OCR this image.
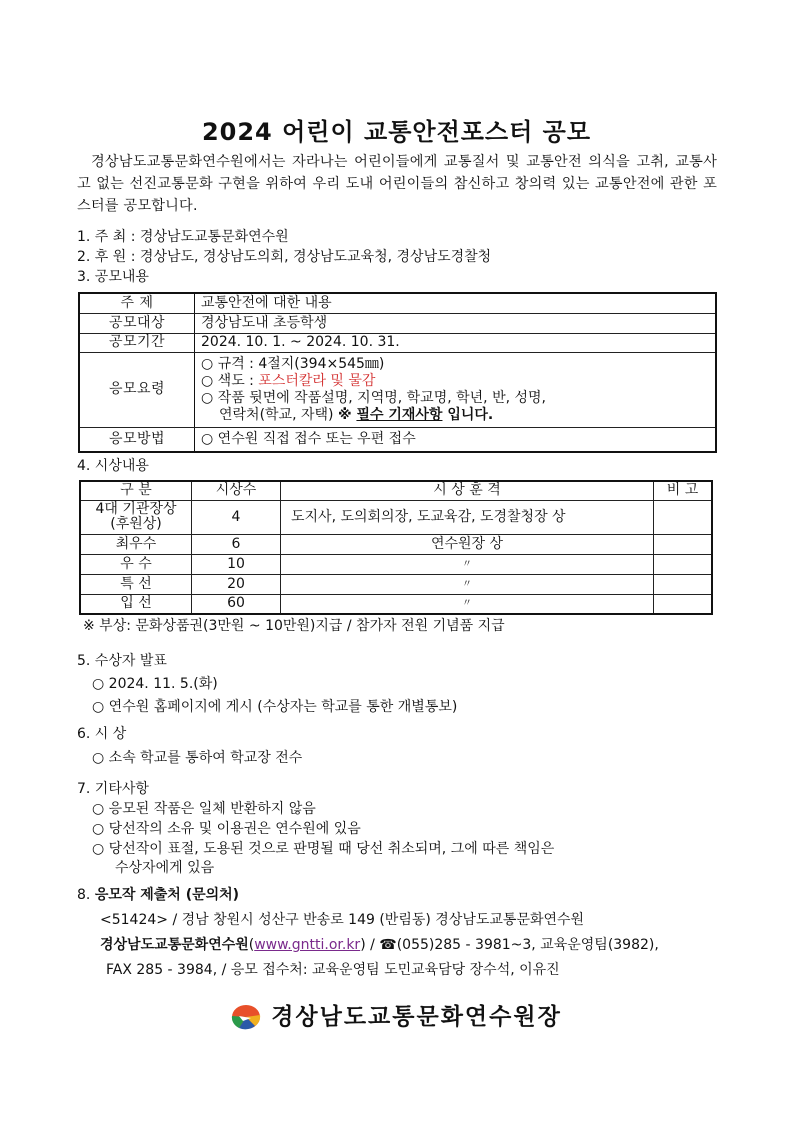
2024 어린이 교통안전포스터 공모

경상남도교통문화연수원에서는 자라나는 어린이들에게 교통질서 및 교통안전 의식을 고취, 교통사고 없는 선진교통문화 구현을 위하여 우리 도내 어린이들의 참신하고 창의력 있는 교통안전에 관한 포스터를 공모합니다.

1. 주 최 : 경상남도교통문화연수원
2. 후 원 : 경상남도, 경상남도의회, 경상남도교육청, 경상남도경찰청
3. 공모내용
주 제	교통안전에 대한 내용
공모대상	경상남도내 초등학생
공모기간	2024. 10. 1. ~ 2024. 10. 31.
응모요령	○ 규격 : 4절지(394×545㎜)
○ 색도 : 포스터칼라 및 물감
○ 작품 뒷면에 작품설명, 지역명, 학교명, 학년, 반, 성명,
연락처(학교, 자택) ※ 필수 기재사항 입니다.

응모방법	○ 연수원 직접 접수 또는 우편 접수
4. 시상내용
구 분	시상수	시 상 훈 격	비 고

4대 기관장상
(후원상)	4	도지사, 도의회의장, 도교육감, 도경찰청장 상	
최우수	6	연수원장 상	
우 수	10	〃	
특 선	20	〃	
입 선	60	〃	
※ 부상: 문화상품권(3만원 ~ 10만원)지급 / 참가자 전원 기념품 지급
5. 수상자 발표
○ 2024. 11. 5.(화)
○ 연수원 홈페이지에 게시 (수상자는 학교를 통한 개별통보)
6. 시 상
○ 소속 학교를 통하여 학교장 전수
7. 기타사항
○ 응모된 작품은 일체 반환하지 않음
○ 당선작의 소유 및 이용권은 연수원에 있음
○ 당선작이 표절, 도용된 것으로 판명될 때 당선 취소되며, 그에 따른 책임은
수상자에게 있음
8. 응모작 제출처 (문의처)
<51424> / 경남 창원시 성산구 반송로 149 (반림동) 경상남도교통문화연수원
경상남도교통문화연수원(www.gntti.or.kr) / ☎(055)285 - 3981~3, 교육운영팀(3982),
FAX 285 - 3984, / 응모 접수처: 교육운영팀 도민교육담당 장수석, 이유진
경상남도교통문화연수원장
